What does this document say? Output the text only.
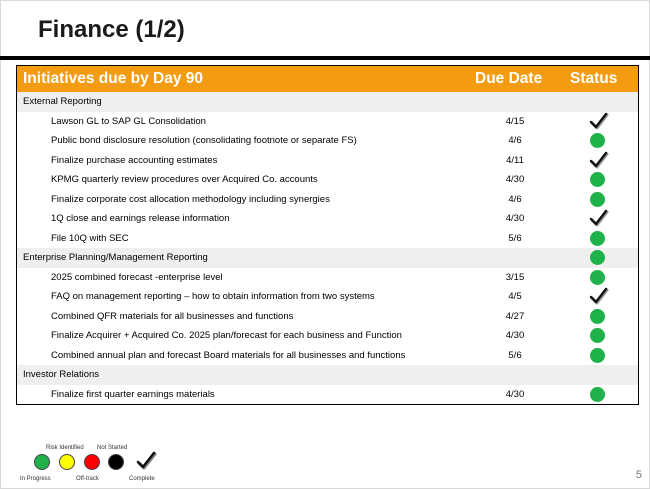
Finance (1/2)
Initiatives due by Day 90	Due Date Status
External Reporting
Lawson GL to SAP GL Consolidation	4/15
Public bond disclosure resolution (consolidating footnote or separate FS)	4/6
Finalize purchase accounting estimates	4/11
KPMG quarterly review procedures over Acquired Co. accounts	4/30
Finalize corporate cost allocation methodology including synergies	4/6
1Q close and earnings release information	4/30
File 10Q with SEC	5/6
Enterprise Planning/Management Reporting
2025 combined forecast -enterprise level	3/15
FAQ on management reporting – how to obtain information from two systems	4/5
Combined QFR materials for all businesses and functions	4/27
Finalize Acquirer + Acquired Co. 2025 plan/forecast for each business and Function	4/30
Combined annual plan and forecast Board materials for all businesses and functions	5/6
Investor Relations
Finalize first quarter earnings materials	4/30
In Progress
Risk Identified
Off-track
Not Started
Complete	5
